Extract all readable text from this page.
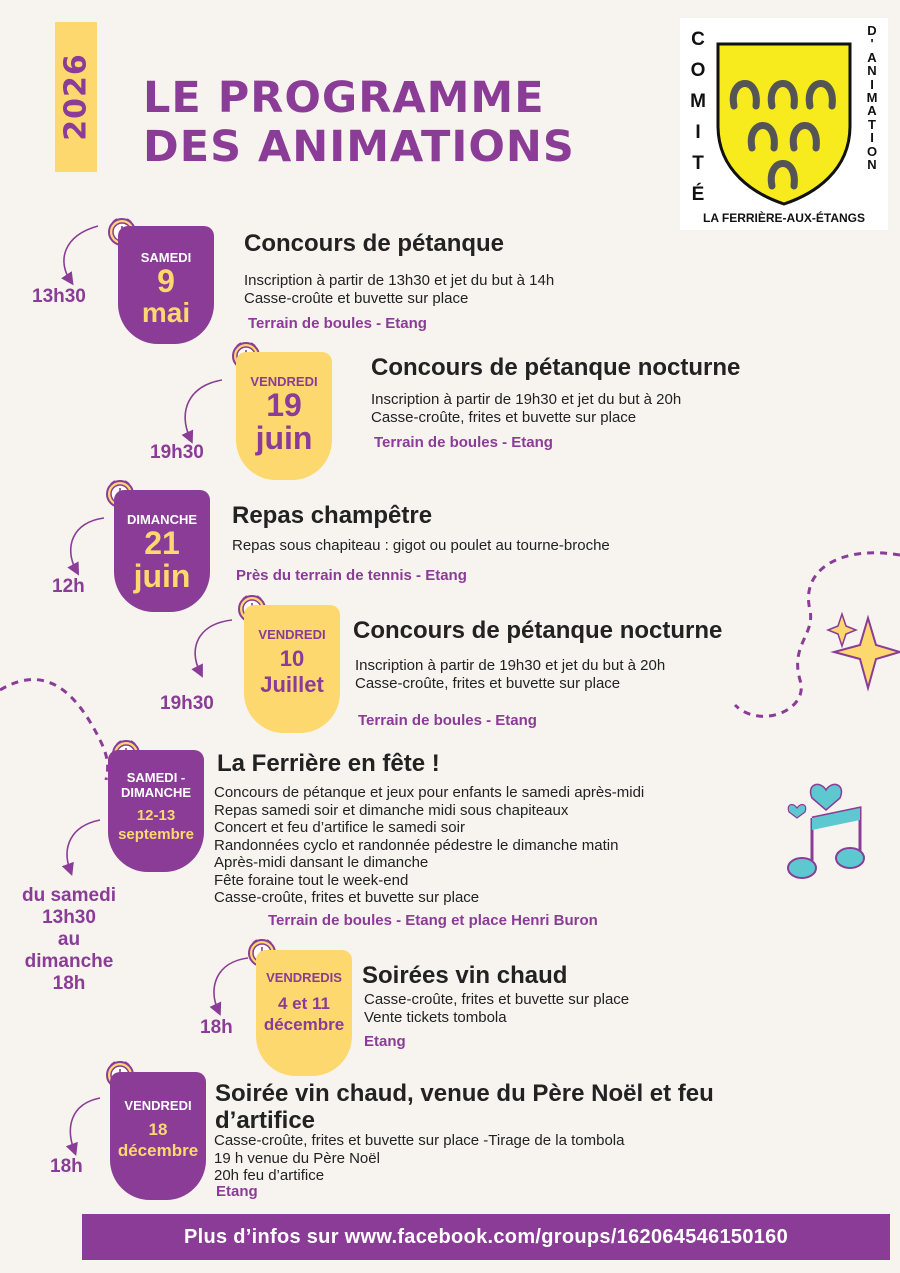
2026 LE PROGRAMME
DES ANIMATIONS
C
O
M
I
T
É
D
'
A
N
I
M
A
T
I
O
N
LA FERRIÈRE-AUX-ÉTANGS
SAMEDI
9
mai
13h30
Concours de pétanque
Inscription à partir de 13h30 et jet du but à 14h
Casse-croûte et buvette sur place
Terrain de boules - Etang
VENDREDI
19
juin
19h30
Concours de pétanque nocturne
Inscription à partir de 19h30 et jet du but à 20h
Casse-croûte, frites et buvette sur place
Terrain de boules - Etang
DIMANCHE
21
juin
12h
Repas champêtre
Repas sous chapiteau : gigot ou poulet au tourne-broche
Près du terrain de tennis - Etang
VENDREDI
10
Juillet
19h30
Concours de pétanque nocturne
Inscription à partir de 19h30 et jet du but à 20h
Casse-croûte, frites et buvette sur place
Terrain de boules - Etang
SAMEDI -
DIMANCHE
12-13
septembre
du samedi
13h30
au
dimanche
18h
La Ferrière en fête !
Concours de pétanque et jeux pour enfants le samedi après-midi
Repas samedi soir et dimanche midi sous chapiteaux
Concert et feu d’artifice le samedi soir
Randonnées cyclo et randonnée pédestre le dimanche matin
Après-midi dansant le dimanche
Fête foraine tout le week-end
Casse-croûte, frites et buvette sur place
Terrain de boules - Etang et place Henri Buron
VENDREDIS
4 et 11
décembre
18h
Soirées vin chaud
Casse-croûte, frites et buvette sur place
Vente tickets tombola
Etang
VENDREDI
18
décembre
18h
Soirée vin chaud, venue du Père Noël et feu
d’artifice
Casse-croûte, frites et buvette sur place -Tirage de la tombola
19 h venue du Père Noël
20h feu d’artifice
Etang
Plus d’infos sur www.facebook.com/groups/162064546150160
